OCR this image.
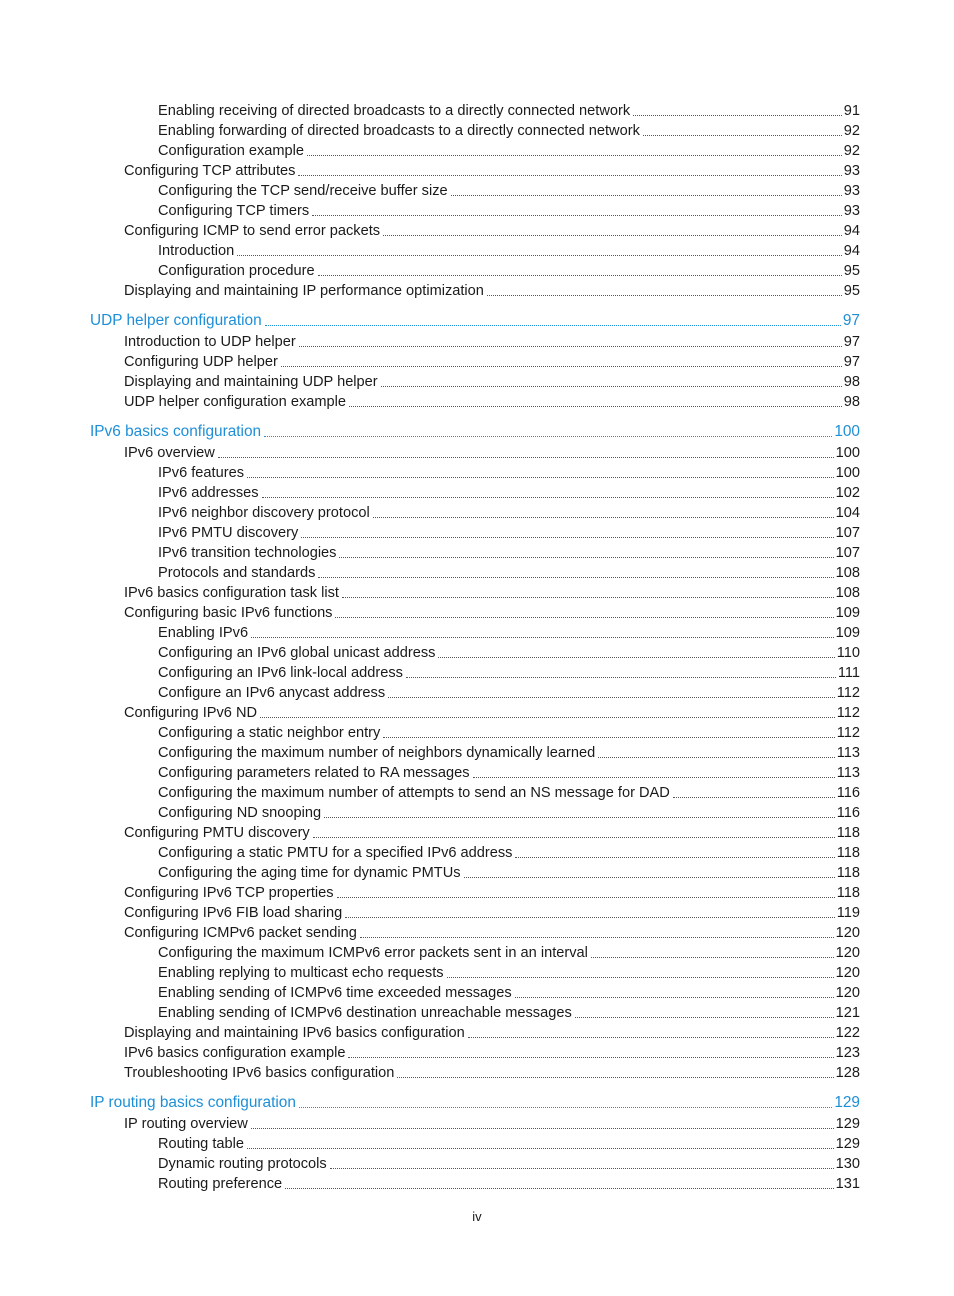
Enabling receiving of directed broadcasts to a directly connected network	91
Enabling forwarding of directed broadcasts to a directly connected network	92
Configuration example	92
Configuring TCP attributes	93
Configuring the TCP send/receive buffer size	93
Configuring TCP timers	93
Configuring ICMP to send error packets	94
Introduction	94
Configuration procedure	95
Displaying and maintaining IP performance optimization	95
UDP helper configuration	97
Introduction to UDP helper	97
Configuring UDP helper	97
Displaying and maintaining UDP helper	98
UDP helper configuration example	98
IPv6 basics configuration	100
IPv6 overview	100
IPv6 features	100
IPv6 addresses	102
IPv6 neighbor discovery protocol	104
IPv6 PMTU discovery	107
IPv6 transition technologies	107
Protocols and standards	108
IPv6 basics configuration task list	108
Configuring basic IPv6 functions	109
Enabling IPv6	109
Configuring an IPv6 global unicast address	110
Configuring an IPv6 link-local address	111
Configure an IPv6 anycast address	112
Configuring IPv6 ND	112
Configuring a static neighbor entry	112
Configuring the maximum number of neighbors dynamically learned	113
Configuring parameters related to RA messages	113
Configuring the maximum number of attempts to send an NS message for DAD	116
Configuring ND snooping	116
Configuring PMTU discovery	118
Configuring a static PMTU for a specified IPv6 address	118
Configuring the aging time for dynamic PMTUs	118
Configuring IPv6 TCP properties	118
Configuring IPv6 FIB load sharing	119
Configuring ICMPv6 packet sending	120
Configuring the maximum ICMPv6 error packets sent in an interval	120
Enabling replying to multicast echo requests	120
Enabling sending of ICMPv6 time exceeded messages	120
Enabling sending of ICMPv6 destination unreachable messages	121
Displaying and maintaining IPv6 basics configuration	122
IPv6 basics configuration example	123
Troubleshooting IPv6 basics configuration	128
IP routing basics configuration	129
IP routing overview	129
Routing table	129
Dynamic routing protocols	130
Routing preference	131
iv
